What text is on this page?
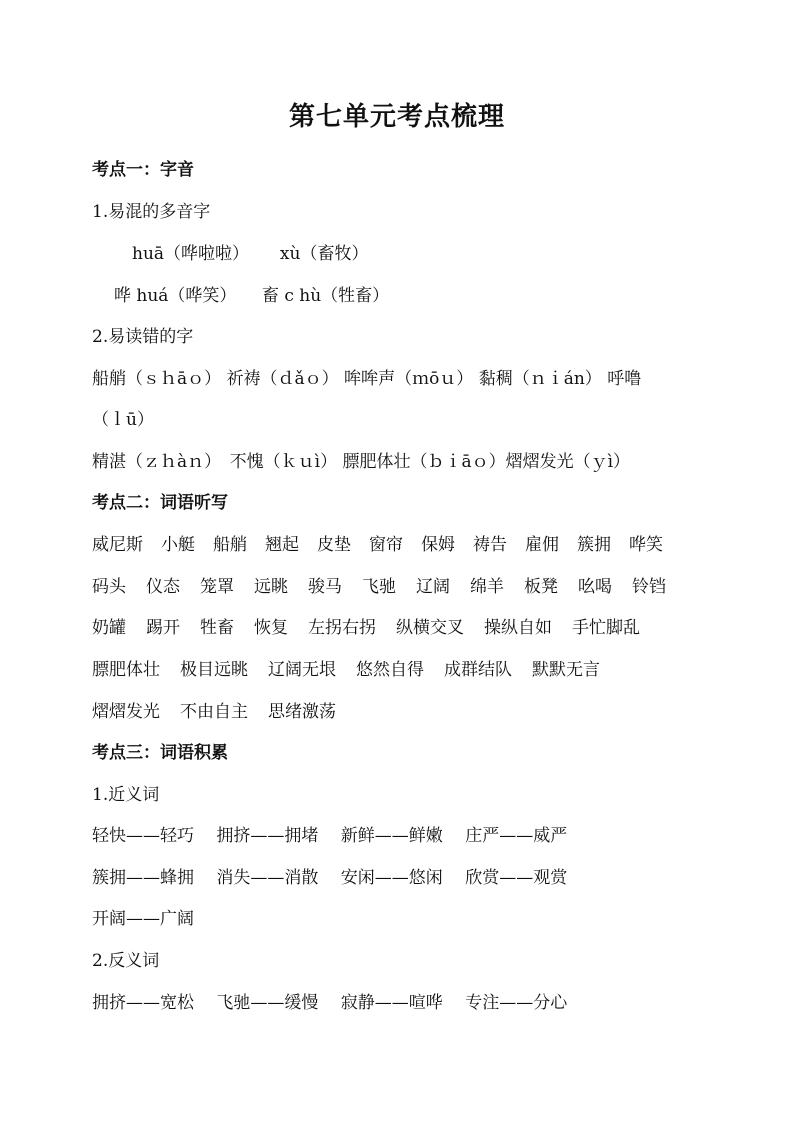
第七单元考点梳理

考点一：字音

1.易混的多音字

huā（哗啦啦）　　 xù（畜牧）

哗 huá（哗笑）　　畜 c hù（牲畜）

2.易读错的字

船艄（ｓｈāｏ） 祈祷（ｄǎｏ） 哞哞声（ｍōｕ） 黏稠（ｎｉán） 呼噜

（ｌū）

精湛（ｚｈàｎ）　不愧（ｋｕì） 膘肥体壮（ｂｉāｏ）熠熠发光（ｙì）

考点二：词语听写

威尼斯 小艇 船艄 翘起 皮垫 窗帘 保姆 祷告 雇佣 簇拥 哗笑
码头 仪态 笼罩 远眺 骏马 飞驰 辽阔 绵羊 板凳 吆喝 铃铛
奶罐 踢开 牲畜 恢复 左拐右拐 纵横交叉 操纵自如 手忙脚乱
膘肥体壮 极目远眺 辽阔无垠 悠然自得 成群结队 默默无言
熠熠发光 不由自主 思绪激荡

考点三：词语积累

1.近义词

轻快——轻巧　 拥挤——拥堵　 新鲜——鲜嫩　 庄严——威严

簇拥——蜂拥　 消失——消散　 安闲——悠闲　 欣赏——观赏

开阔——广阔

2.反义词

拥挤——宽松　 飞驰——缓慢　 寂静——喧哗　 专注——分心
